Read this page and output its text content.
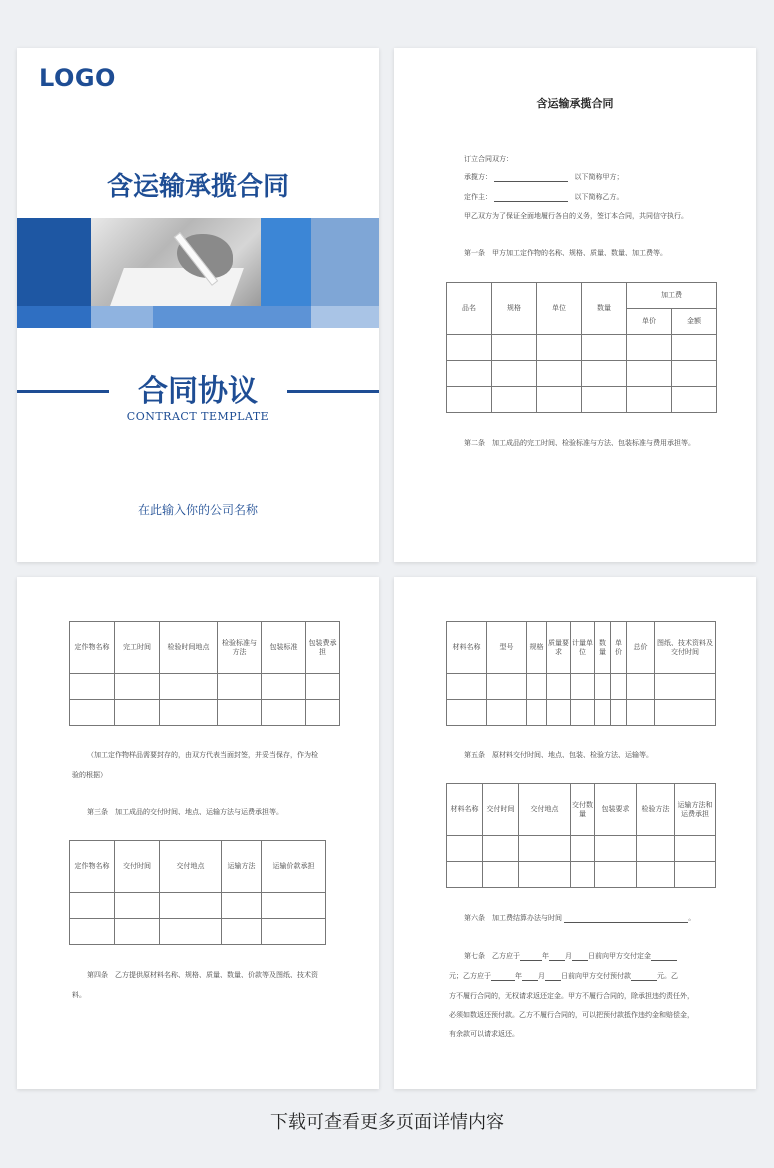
LOGO
含运输承揽合同
合同协议
CONTRACT TEMPLATE
在此输入你的公司名称
含运输承揽合同
订立合同双方：
承揽方：	以下简称甲方；
定作主：	以下简称乙方。
甲乙双方为了保证全面地履行各自的义务，签订本合同，共同信守执行。
第一条　甲方加工定作物的名称、规格、质量、数量、加工费等。
品名	规格	单位	数量	加工费	
				单价	金额

第二条　加工成品的完工时间、检验标准与方法、包装标准与费用承担等。
定作物名称	完工时间	检验时间地点	检验标准与方法	包装标准	包装费承担

（加工定作物样品需要封存的，由双方代表当面封签，并妥当保存，作为检
验的根据）
第三条　加工成品的交付时间、地点、运输方法与运费承担等。
定作物名称	交付时间	交付地点	运输方法	运输价款承担

第四条　乙方提供原材料名称、规格、质量、数量、价款等及图纸、技术资
料。
材料名称	型号	规格	质量要求	计量单位	数量	单价	总价	图纸、技术资料及交付时间

第五条　原材料交付时间、地点、包装、检验方法、运输等。
材料名称	交付时间	交付地点	交付数量	包装要求	检验方法	运输方法和运费承担

第六条　加工费结算办法与时间	。
第七条　乙方应于	年 月 日前向甲方交付定金
元；乙方应于	年 月 日前向甲方交付预付款	元。乙
方不履行合同的，无权请求返还定金。甲方不履行合同的，除承担违约责任外，
必须如数返还预付款。乙方不履行合同的，可以把预付款抵作违约金和赔偿金，
有余款可以请求返还。
下载可查看更多页面详情内容
